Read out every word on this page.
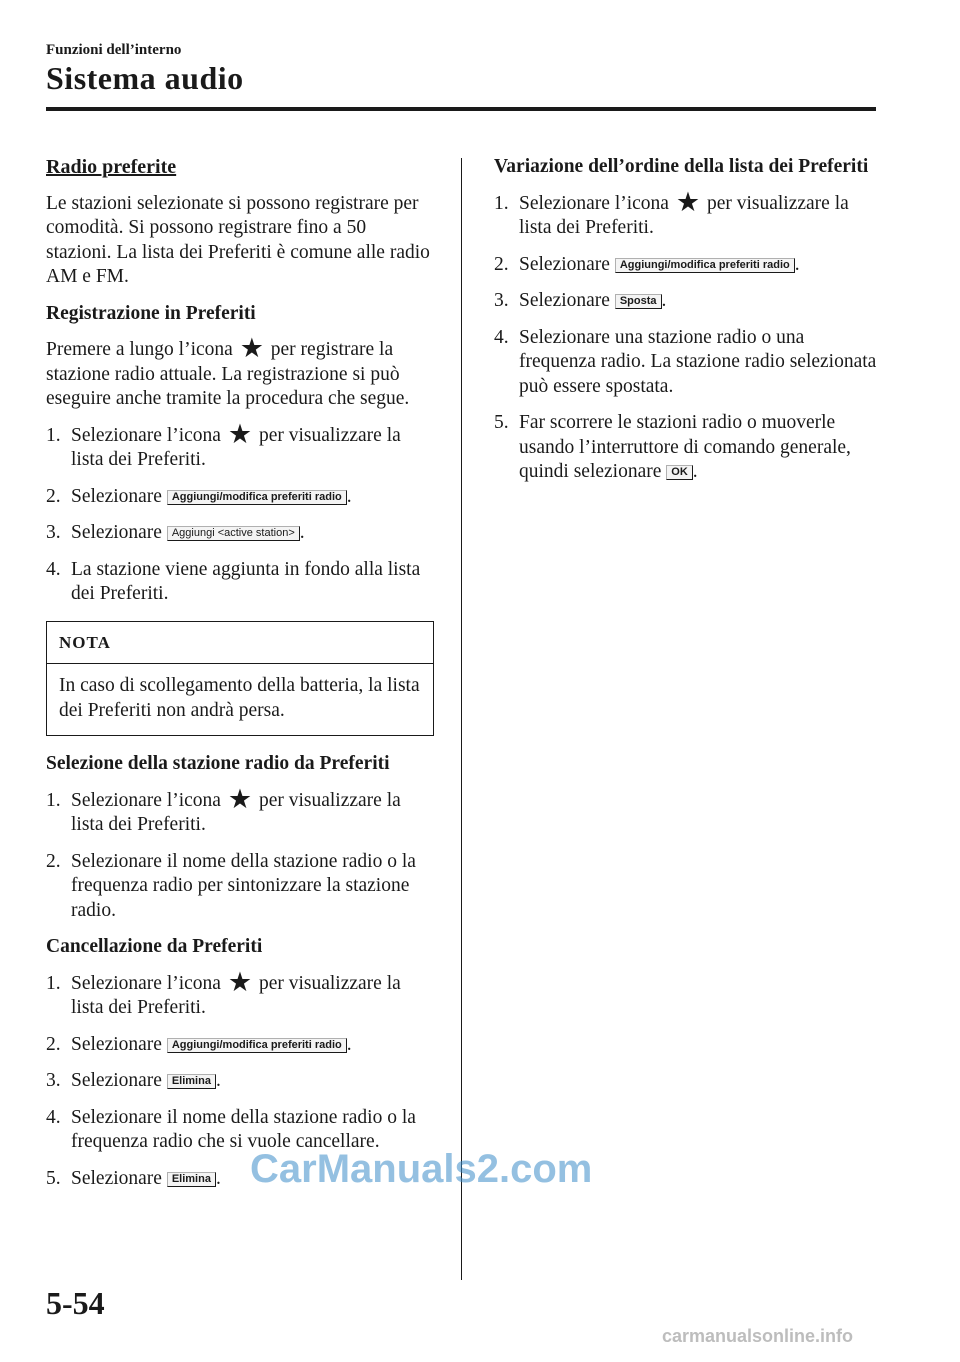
Funzioni dell’interno
Sistema audio

Radio preferite

Le stazioni selezionate si possono registrare per comodità. Si possono registrare fino a 50 stazioni. La lista dei Preferiti è comune alle radio AM e FM.

Registrazione in Preferiti

Premere a lungo l’icona ★ per registrare la stazione radio attuale. La registrazione si può eseguire anche tramite la procedura che segue.

1. Selezionare l’icona ★ per visualizzare la lista dei Preferiti.
2. Selezionare Aggiungi/modifica preferiti radio .
3. Selezionare Aggiungi <active station> .
4. La stazione viene aggiunta in fondo alla lista dei Preferiti.
NOTA
In caso di scollegamento della batteria, la lista dei Preferiti non andrà persa.

Selezione della stazione radio da Preferiti

1. Selezionare l’icona ★ per visualizzare la lista dei Preferiti.
2. Selezionare il nome della stazione radio o la frequenza radio per sintonizzare la stazione radio.

Cancellazione da Preferiti

1. Selezionare l’icona ★ per visualizzare la lista dei Preferiti.
2. Selezionare Aggiungi/modifica preferiti radio .
3. Selezionare Elimina .
4. Selezionare il nome della stazione radio o la frequenza radio che si vuole cancellare.
5. Selezionare Elimina .

Variazione dell’ordine della lista dei Preferiti

1. Selezionare l’icona ★ per visualizzare la lista dei Preferiti.
2. Selezionare Aggiungi/modifica preferiti radio .
3. Selezionare Sposta .
4. Selezionare una stazione radio o una frequenza radio. La stazione radio selezionata può essere spostata.
5. Far scorrere le stazioni radio o muoverle usando l’interruttore di comando generale, quindi selezionare OK .
CarManuals2.com
5-54
carmanualsonline.info
